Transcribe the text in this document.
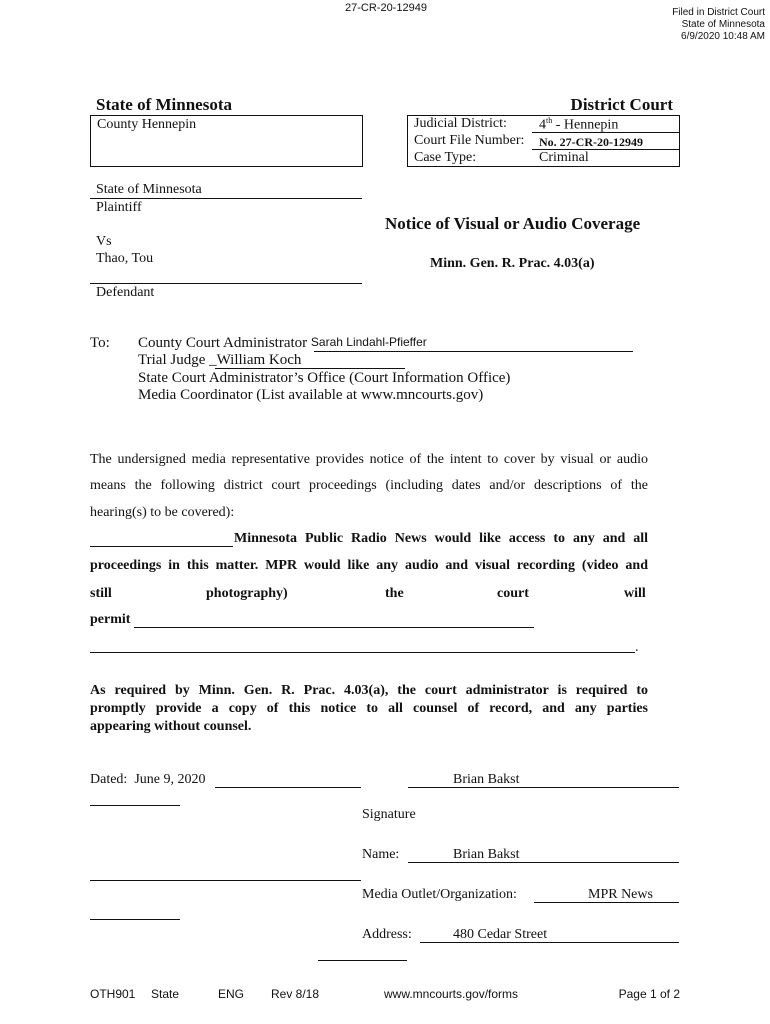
27-CR-20-12949	Filed in District Court
State of Minnesota
6/9/2020 10:48 AM
State of Minnesota	District Court
County Hennepin	Judicial District: 4th - Hennepin
Court File Number: No. 27-CR-20-12949
Case Type:	Criminal
State of Minnesota
Plaintiff
Vs
Thao, Tou
Defendant
Notice of Visual or Audio Coverage
Minn. Gen. R. Prac. 4.03(a)
To: County Court Administrator Sarah Lindahl-Pfieffer
Trial Judge _William Koch
State Court Administrator’s Office (Court Information Office)
Media Coordinator (List available at www.mncourts.gov)
The undersigned media representative provides notice of the intent to cover by visual or audio
means the following district court proceedings (including dates and/or descriptions of the
hearing(s) to be covered):
Minnesota Public Radio News would like access to any and all
proceedings in this matter. MPR would like any audio and visual recording (video and
still	photography)	the	court	will
permit
.
As required by Minn. Gen. R. Prac. 4.03(a), the court administrator is required to
promptly provide a copy of this notice to all counsel of record, and any parties
appearing without counsel.
Dated: June 9, 2020	Brian Bakst
Signature
Name:	Brian Bakst
Media Outlet/Organization:	MPR News
Address:	480 Cedar Street
OTH901 State	ENG Rev 8/18	www.mncourts.gov/forms	Page 1 of 2
